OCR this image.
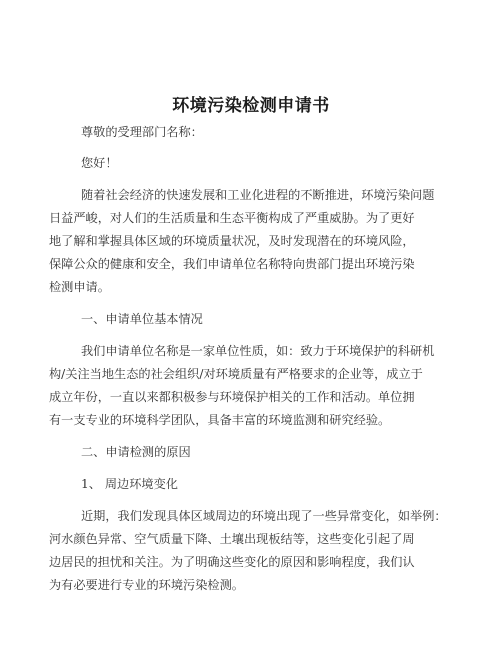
环境污染检测申请书
尊敬的受理部门名称：
您好！
随着社会经济的快速发展和工业化进程的不断推进，环境污染问题
日益严峻，对人们的生活质量和生态平衡构成了严重威胁。为了更好
地了解和掌握具体区域的环境质量状况，及时发现潜在的环境风险，
保障公众的健康和安全，我们申请单位名称特向贵部门提出环境污染
检测申请。
一、申请单位基本情况
我们申请单位名称是一家单位性质，如：致力于环境保护的科研机
构/关注当地生态的社会组织/对环境质量有严格要求的企业等，成立于
成立年份，一直以来都积极参与环境保护相关的工作和活动。单位拥
有一支专业的环境科学团队，具备丰富的环境监测和研究经验。
二、申请检测的原因
1、 周边环境变化
近期，我们发现具体区域周边的环境出现了一些异常变化，如举例：
河水颜色异常、空气质量下降、土壤出现板结等，这些变化引起了周
边居民的担忧和关注。为了明确这些变化的原因和影响程度，我们认
为有必要进行专业的环境污染检测。
